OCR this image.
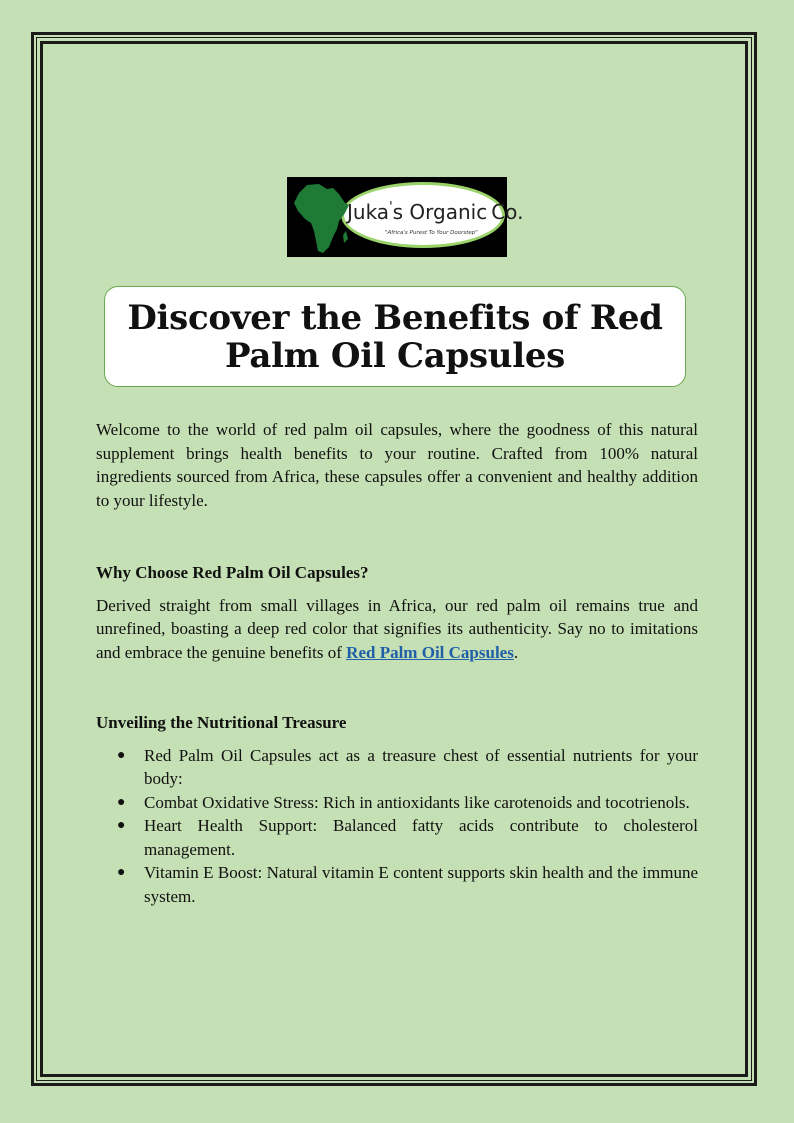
Juka's Organic Co.
"Africa's Purest To Your Doorstep"
Discover the Benefits of Red Palm Oil Capsules

Welcome to the world of red palm oil capsules, where the goodness of this natural supplement brings health benefits to your routine. Crafted from 100% natural ingredients sourced from Africa, these capsules offer a convenient and healthy addition to your lifestyle.

Why Choose Red Palm Oil Capsules?

Derived straight from small villages in Africa, our red palm oil remains true and unrefined, boasting a deep red color that signifies its authenticity. Say no to imitations and embrace the genuine benefits of Red Palm Oil Capsules.

Unveiling the Nutritional Treasure
● Red Palm Oil Capsules act as a treasure chest of essential nutrients for your body:
● Combat Oxidative Stress: Rich in antioxidants like carotenoids and tocotrienols.
● Heart Health Support: Balanced fatty acids contribute to cholesterol management.
● Vitamin E Boost: Natural vitamin E content supports skin health and the immune system.
